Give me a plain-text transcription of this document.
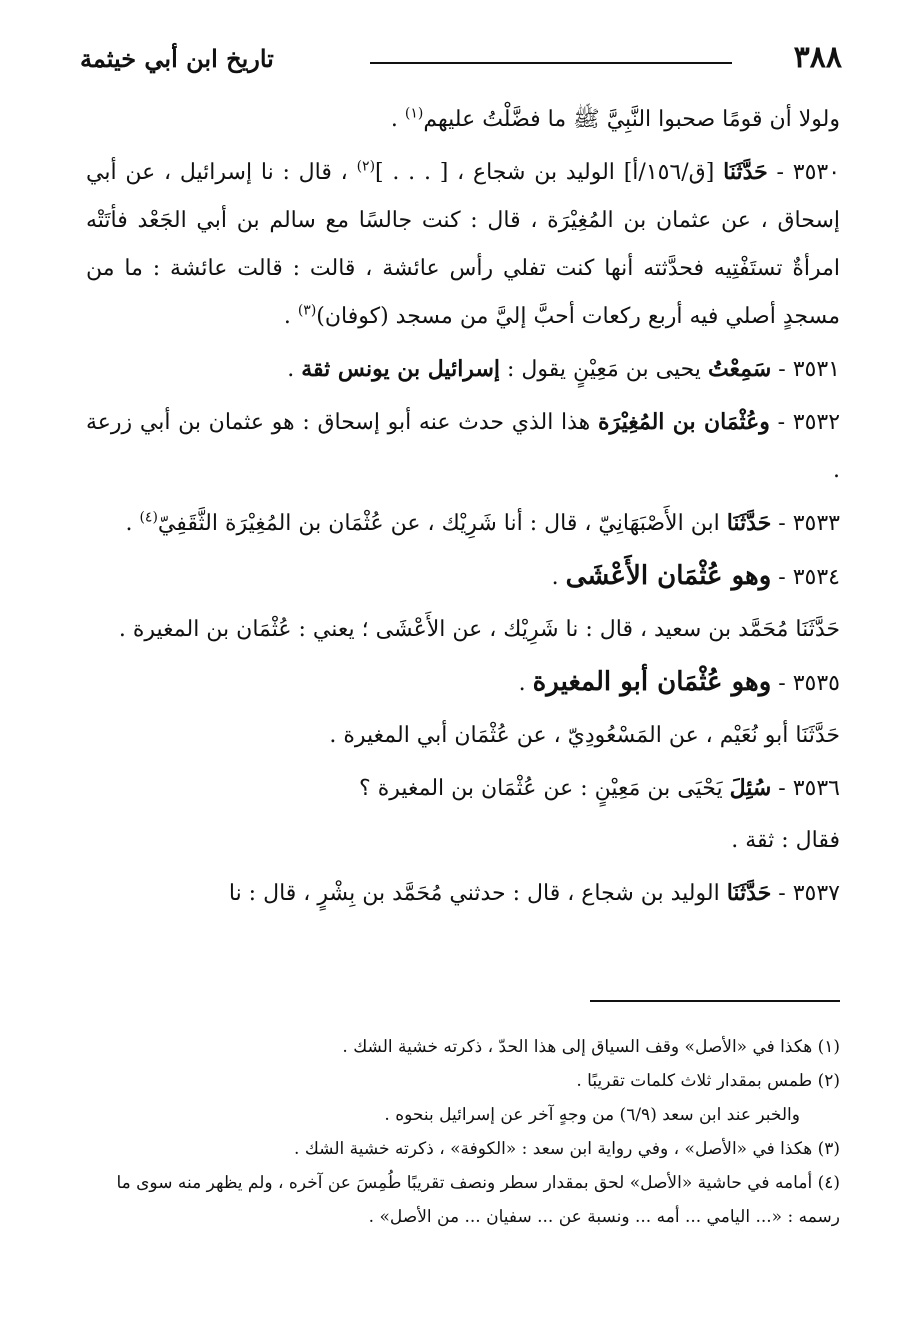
٣٨٨
تاريخ ابن أبي خيثمة

ولولا أن قومًا صحبوا النَّبِيَّ ﷺ ما فضَّلْتُ عليهم$^{(١)}$ .

٣٥٣٠ - حَدَّثَنَا [ق/١٥٦/أ] الوليد بن شجاع ، [ . . . ]$^{(٢)}$ ، قال : نا إسرائيل ، عن أبي إسحاق ، عن عثمان بن المُغِيْرَة ، قال : كنت جالسًا مع سالم بن أبي الجَعْد فأتَتْه امرأةٌ تستَفْتِيه فحدَّثته أنها كنت تفلي رأس عائشة ، قالت : قالت عائشة : ما من مسجدٍ أصلي فيه أربع ركعات أحبَّ إليَّ من مسجد (كوفان)$^{(٣)}$ .

٣٥٣١ - سَمِعْتُ يحيى بن مَعِيْنٍ يقول : إسرائيل بن يونس ثقة .

٣٥٣٢ - وعُثْمَان بن المُغِيْرَة هذا الذي حدث عنه أبو إسحاق : هو عثمان بن أبي زرعة .

٣٥٣٣ - حَدَّثَنَا ابن الأَصْبَهَانِيّ ، قال : أنا شَرِيْك ، عن عُثْمَان بن المُغِيْرَة الثَّقَفِيّ$^{(٤)}$ .

٣٥٣٤ - وهو عُثْمَان الأَعْشَى .

حَدَّثَنَا مُحَمَّد بن سعيد ، قال : نا شَرِيْك ، عن الأَعْشَى ؛ يعني : عُثْمَان بن المغيرة .

٣٥٣٥ - وهو عُثْمَان أبو المغيرة .

حَدَّثَنَا أبو نُعَيْم ، عن المَسْعُودِيّ ، عن عُثْمَان أبي المغيرة .

٣٥٣٦ - سُئِلَ يَحْيَى بن مَعِيْنٍ : عن عُثْمَان بن المغيرة ؟

فقال : ثقة .

٣٥٣٧ - حَدَّثَنَا الوليد بن شجاع ، قال : حدثني مُحَمَّد بن بِشْرٍ ، قال : نا

(١) هكذا في «الأصل» وقف السياق إلى هذا الحدّ ، ذكرته خشية الشك .

(٢) طمس بمقدار ثلاث كلمات تقريبًا .

والخبر عند ابن سعد (٦/٩) من وجهٍ آخر عن إسرائيل بنحوه .

(٣) هكذا في «الأصل» ، وفي رواية ابن سعد : «الكوفة» ، ذكرته خشية الشك .

(٤) أمامه في حاشية «الأصل» لحق بمقدار سطر ونصف تقريبًا طُمِسَ عن آخره ، ولم يظهر منه سوى ما رسمه : «... اليامي ... أمه ... ونسبة عن ... سفيان ... من الأصل» .
